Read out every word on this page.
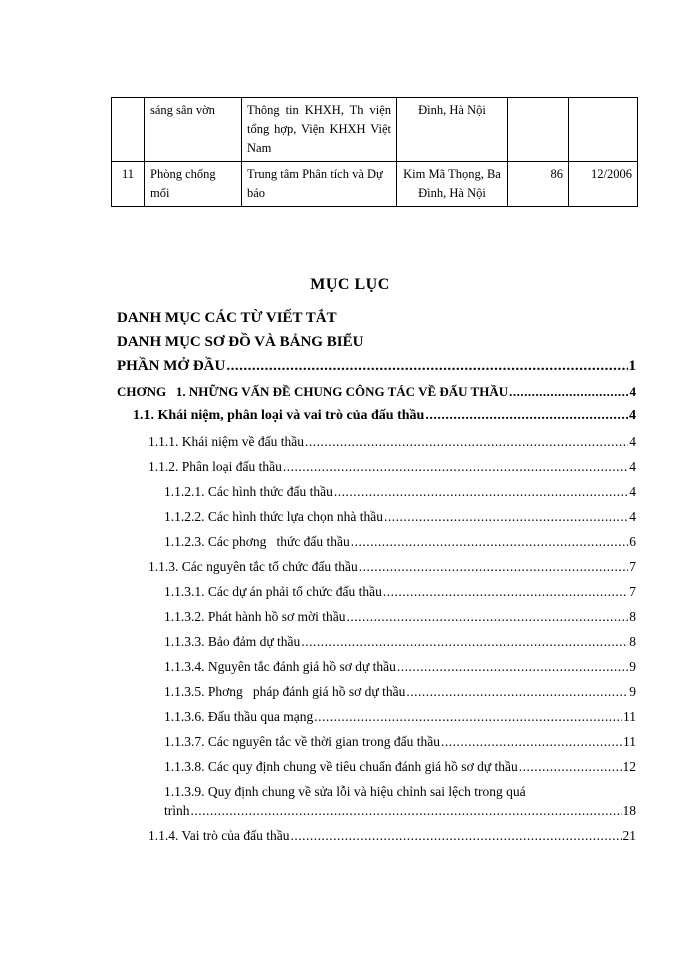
	sáng sân vờn	Thông tin KHXH, Th viện tổng hợp, Viện KHXH Việt Nam	Đình, Hà Nội		
11	Phòng chống mối	Trung tâm Phân tích và Dự báo	Kim Mã Thọng, Ba Đình, Hà Nội	86	12/2006
MỤC LỤC
DANH MỤC CÁC TỪ VIẾT TẮT
DANH MỤC SƠ ĐỒ VÀ BẢNG BIỂU
PHẦN MỞ ĐẦU .....	1
CHƠNG   1. NHỮNG VẤN ĐỀ CHUNG CÔNG TÁC VỀ ĐẤU THẦU .....	4
1.1. Khái niệm, phân loại và vai trò của đấu thầu .....	4
1.1.1. Khái niệm về đấu thầu .....	4
1.1.2. Phân loại đấu thầu .....	4
1.1.2.1. Các hình thức đấu thầu .....	4
1.1.2.2. Các hình thức lựa chọn nhà thầu .....	4
1.1.2.3. Các phơng   thức đấu thầu .....	6
1.1.3. Các nguyên tắc tổ chức đấu thầu .....	7
1.1.3.1. Các dự án phải tổ chức đấu thầu .....	7
1.1.3.2. Phát hành hồ sơ mời thầu .....	8
1.1.3.3. Bảo đảm dự thầu .....	8
1.1.3.4. Nguyên tắc đánh giá hồ sơ dự thầu .....	9
1.1.3.5. Phơng   pháp đánh giá hồ sơ dự thầu .....	9
1.1.3.6. Đấu thầu qua mạng .....	11
1.1.3.7. Các nguyên tắc về thời gian trong đấu thầu .....	11
1.1.3.8. Các quy định chung về tiêu chuẩn đánh giá hồ sơ dự thầu .....	12
1.1.3.9. Quy định chung về sửa lỗi và hiệu chỉnh sai lệch trong quá
trình .....	18
1.1.4. Vai trò của đấu thầu .....	21
